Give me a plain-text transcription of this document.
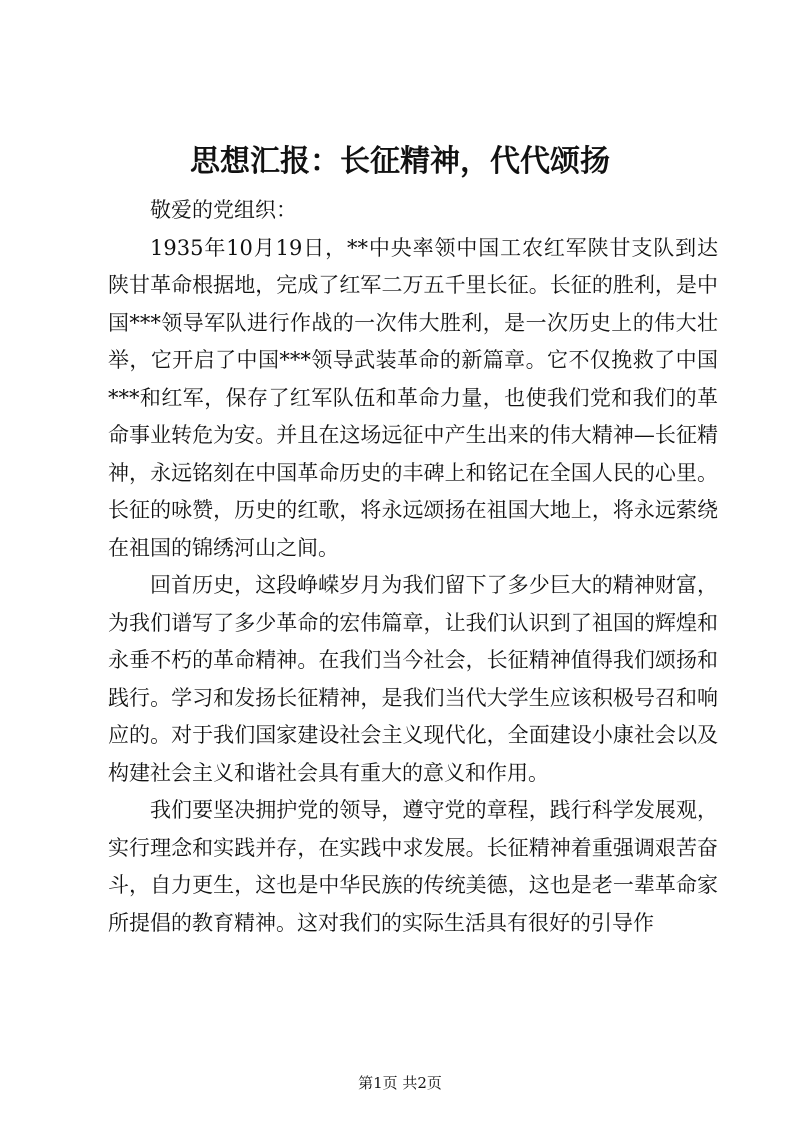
思想汇报：长征精神，代代颂扬

敬爱的党组织：

1935年10月19日，**中央率领中国工农红军陕甘支队到达陕甘革命根据地，完成了红军二万五千里长征。长征的胜利，是中国***领导军队进行作战的一次伟大胜利，是一次历史上的伟大壮举，它开启了中国***领导武装革命的新篇章。它不仅挽救了中国***和红军，保存了红军队伍和革命力量，也使我们党和我们的革命事业转危为安。并且在这场远征中产生出来的伟大精神—长征精神，永远铭刻在中国革命历史的丰碑上和铭记在全国人民的心里。长征的咏赞，历史的红歌，将永远颂扬在祖国大地上，将永远萦绕在祖国的锦绣河山之间。

回首历史，这段峥嵘岁月为我们留下了多少巨大的精神财富，为我们谱写了多少革命的宏伟篇章，让我们认识到了祖国的辉煌和永垂不朽的革命精神。在我们当今社会，长征精神值得我们颂扬和践行。学习和发扬长征精神，是我们当代大学生应该积极号召和响应的。对于我们国家建设社会主义现代化，全面建设小康社会以及构建社会主义和谐社会具有重大的意义和作用。

我们要坚决拥护党的领导，遵守党的章程，践行科学发展观，实行理念和实践并存，在实践中求发展。长征精神着重强调艰苦奋斗，自力更生，这也是中华民族的传统美德，这也是老一辈革命家所提倡的教育精神。这对我们的实际生活具有很好的引导作

第1页 共2页
